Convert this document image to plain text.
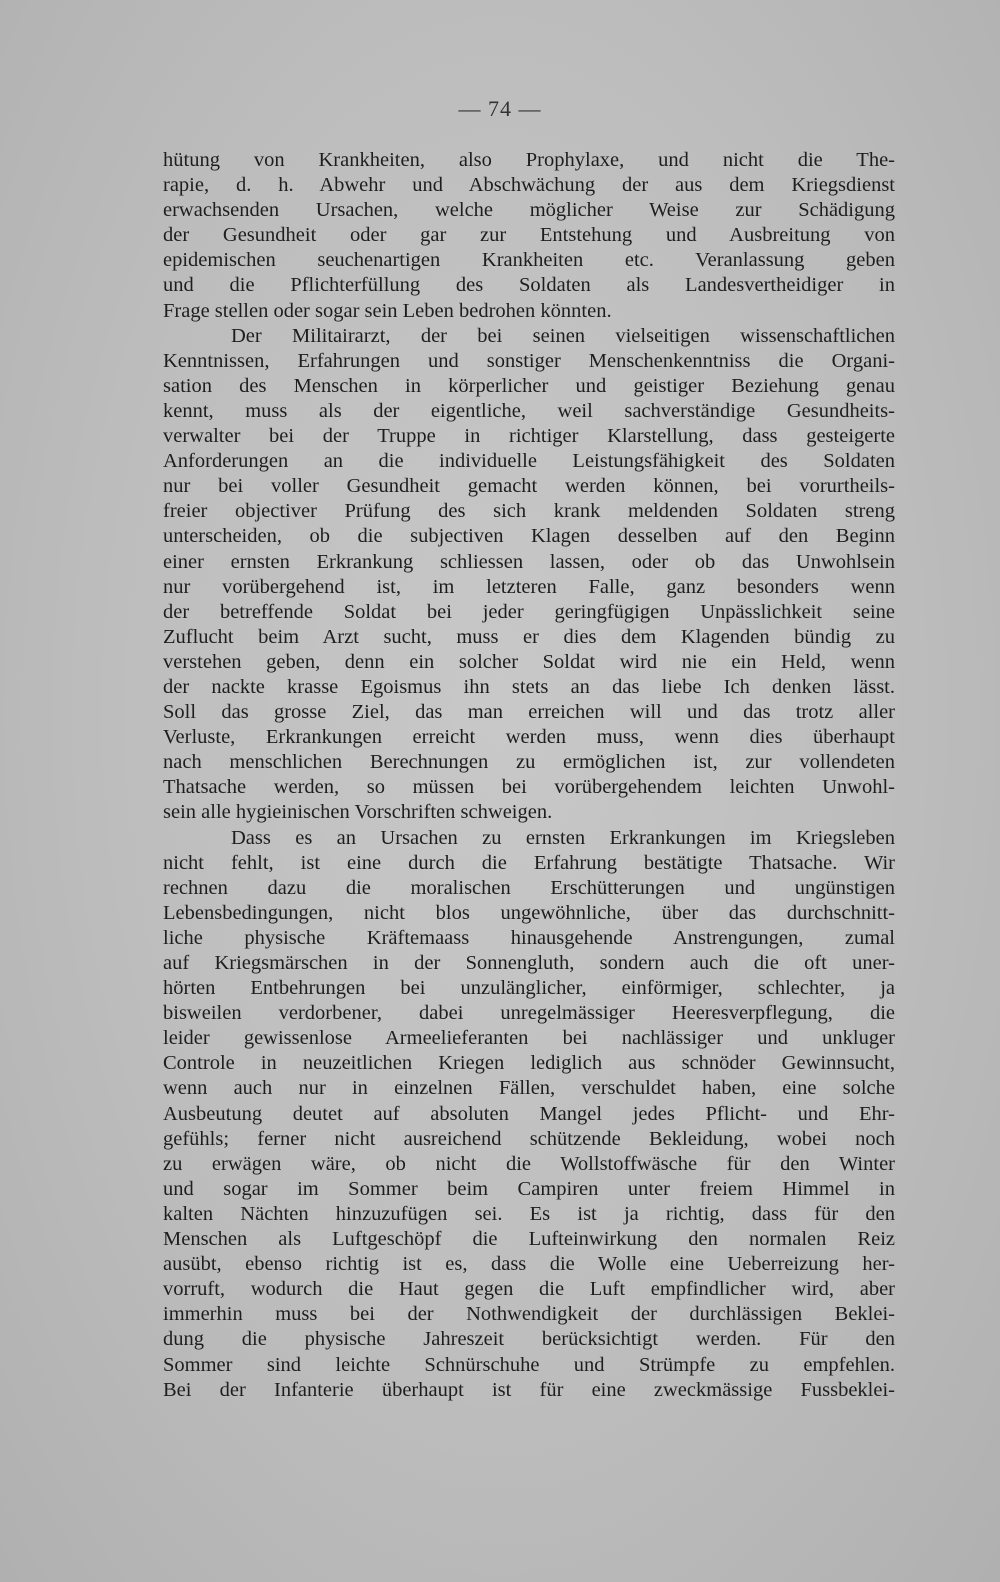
— 74 —
hütung von Krankheiten, also Prophylaxe, und nicht die The-
rapie, d. h. Abwehr und Abschwächung der aus dem Kriegsdienst
erwachsenden Ursachen, welche möglicher Weise zur Schädigung
der Gesundheit oder gar zur Entstehung und Ausbreitung von
epidemischen seuchenartigen Krankheiten etc. Veranlassung geben
und die Pflichterfüllung des Soldaten als Landesvertheidiger in
Frage stellen oder sogar sein Leben bedrohen könnten.
Der Militairarzt, der bei seinen vielseitigen wissenschaftlichen
Kenntnissen, Erfahrungen und sonstiger Menschenkenntniss die Organi-
sation des Menschen in körperlicher und geistiger Beziehung genau
kennt, muss als der eigentliche, weil sachverständige Gesundheits-
verwalter bei der Truppe in richtiger Klarstellung, dass gesteigerte
Anforderungen an die individuelle Leistungsfähigkeit des Soldaten
nur bei voller Gesundheit gemacht werden können, bei vorurtheils-
freier objectiver Prüfung des sich krank meldenden Soldaten streng
unterscheiden, ob die subjectiven Klagen desselben auf den Beginn
einer ernsten Erkrankung schliessen lassen, oder ob das Unwohlsein
nur vorübergehend ist, im letzteren Falle, ganz besonders wenn
der betreffende Soldat bei jeder geringfügigen Unpässlichkeit seine
Zuflucht beim Arzt sucht, muss er dies dem Klagenden bündig zu
verstehen geben, denn ein solcher Soldat wird nie ein Held, wenn
der nackte krasse Egoismus ihn stets an das liebe Ich denken lässt.
Soll das grosse Ziel, das man erreichen will und das trotz aller
Verluste, Erkrankungen erreicht werden muss, wenn dies überhaupt
nach menschlichen Berechnungen zu ermöglichen ist, zur vollendeten
Thatsache werden, so müssen bei vorübergehendem leichten Unwohl-
sein alle hygieinischen Vorschriften schweigen.
Dass es an Ursachen zu ernsten Erkrankungen im Kriegsleben
nicht fehlt, ist eine durch die Erfahrung bestätigte Thatsache. Wir
rechnen dazu die moralischen Erschütterungen und ungünstigen
Lebensbedingungen, nicht blos ungewöhnliche, über das durchschnitt-
liche physische Kräftemaass hinausgehende Anstrengungen, zumal
auf Kriegsmärschen in der Sonnengluth, sondern auch die oft uner-
hörten Entbehrungen bei unzulänglicher, einförmiger, schlechter, ja
bisweilen verdorbener, dabei unregelmässiger Heeresverpflegung, die
leider gewissenlose Armeelieferanten bei nachlässiger und unkluger
Controle in neuzeitlichen Kriegen lediglich aus schnöder Gewinnsucht,
wenn auch nur in einzelnen Fällen, verschuldet haben, eine solche
Ausbeutung deutet auf absoluten Mangel jedes Pflicht- und Ehr-
gefühls; ferner nicht ausreichend schützende Bekleidung, wobei noch
zu erwägen wäre, ob nicht die Wollstoffwäsche für den Winter
und sogar im Sommer beim Campiren unter freiem Himmel in
kalten Nächten hinzuzufügen sei. Es ist ja richtig, dass für den
Menschen als Luftgeschöpf die Lufteinwirkung den normalen Reiz
ausübt, ebenso richtig ist es, dass die Wolle eine Ueberreizung her-
vorruft, wodurch die Haut gegen die Luft empfindlicher wird, aber
immerhin muss bei der Nothwendigkeit der durchlässigen Beklei-
dung die physische Jahreszeit berücksichtigt werden. Für den
Sommer sind leichte Schnürschuhe und Strümpfe zu empfehlen.
Bei der Infanterie überhaupt ist für eine zweckmässige Fussbeklei-
